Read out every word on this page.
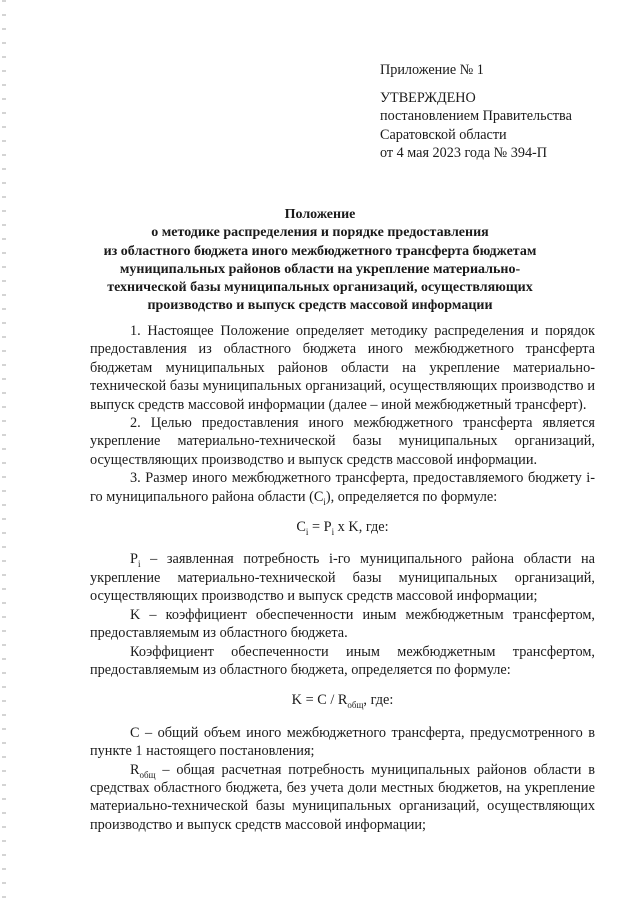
Приложение № 1
УТВЕРЖДЕНО
постановлением Правительства
Саратовской области
от 4 мая 2023 года № 394-П
Положение
о методике распределения и порядке предоставления
из областного бюджета иного межбюджетного трансферта бюджетам
муниципальных районов области на укрепление материально-
технической базы муниципальных организаций, осуществляющих
производство и выпуск средств массовой информации

1. Настоящее Положение определяет методику распределения и порядок предоставления из областного бюджета иного межбюджетного трансферта бюджетам муниципальных районов области на укрепление материально-технической базы муниципальных организаций, осуществляющих производство и выпуск средств массовой информации (далее – иной межбюджетный трансферт).

2. Целью предоставления иного межбюджетного трансферта является укрепление материально-технической базы муниципальных организаций, осуществляющих производство и выпуск средств массовой информации.

3. Размер иного межбюджетного трансферта, предоставляемого бюджету i-го муниципального района области $(C_i)$, определяется по формуле:

$C_i = P_i$ x K, где:

$P_i$ – заявленная потребность i-го муниципального района области на укрепление материально-технической базы муниципальных организаций, осуществляющих производство и выпуск средств массовой информации;

K – коэффициент обеспеченности иным межбюджетным трансфертом, предоставляемым из областного бюджета.

Коэффициент обеспеченности иным межбюджетным трансфертом, предоставляемым из областного бюджета, определяется по формуле:

$K = C / R_{общ}$, где:

C – общий объем иного межбюджетного трансферта, предусмотренного в пункте 1 настоящего постановления;

$R_{общ}$ – общая расчетная потребность муниципальных районов области в средствах областного бюджета, без учета доли местных бюджетов, на укрепление материально-технической базы муниципальных организаций, осуществляющих производство и выпуск средств массовой информации;
